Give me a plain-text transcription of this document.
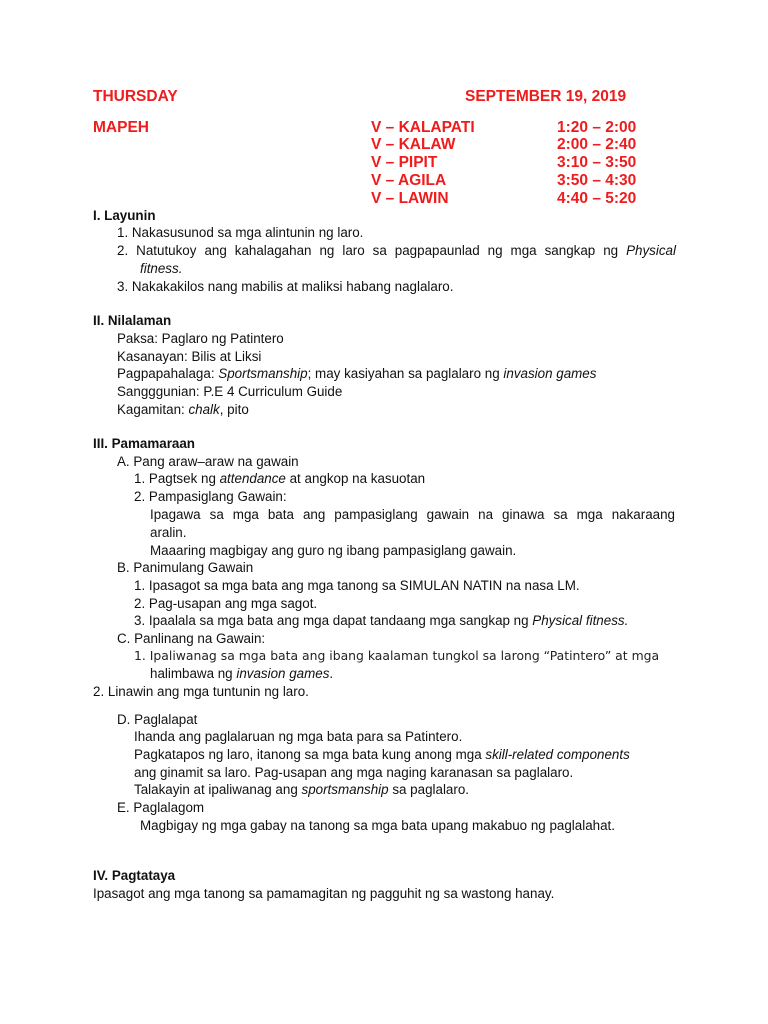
THURSDAY	SEPTEMBER 19, 2019
MAPEH	V – KALAPATI	1:20 – 2:00
V – KALAW	2:00 – 2:40
V – PIPIT	3:10 – 3:50
V – AGILA	3:50 – 4:30
V – LAWIN	4:40 – 5:20
I. Layunin
1. Nakasusunod sa mga alintunin ng laro.
2. Natutukoy ang kahalagahan ng laro sa pagpapaunlad ng mga sangkap ng Physical
fitness.
3. Nakakakilos nang mabilis at maliksi habang naglalaro.
II. Nilalaman
Paksa: Paglaro ng Patintero
Kasanayan: Bilis at Liksi
Pagpapahalaga: Sportsmanship; may kasiyahan sa paglalaro ng invasion games
Sangggunian: P.E 4 Curriculum Guide
Kagamitan: chalk, pito
III. Pamamaraan
A. Pang araw–araw na gawain
1. Pagtsek ng attendance at angkop na kasuotan
2. Pampasiglang Gawain:
Ipagawa sa mga bata ang pampasiglang gawain na ginawa sa mga nakaraang
aralin.
Maaaring magbigay ang guro ng ibang pampasiglang gawain.
B. Panimulang Gawain
1. Ipasagot sa mga bata ang mga tanong sa SIMULAN NATIN na nasa LM.
2. Pag-usapan ang mga sagot.
3. Ipaalala sa mga bata ang mga dapat tandaang mga sangkap ng Physical fitness.
C. Panlinang na Gawain:
1. Ipaliwanag sa mga bata ang ibang kaalaman tungkol sa larong “Patintero” at mga
halimbawa ng invasion games.
2. Linawin ang mga tuntunin ng laro.
D. Paglalapat
Ihanda ang paglalaruan ng mga bata para sa Patintero.
Pagkatapos ng laro, itanong sa mga bata kung anong mga skill-related components
ang ginamit sa laro. Pag-usapan ang mga naging karanasan sa paglalaro.
Talakayin at ipaliwanag ang sportsmanship sa paglalaro.
E. Paglalagom
Magbigay ng mga gabay na tanong sa mga bata upang makabuo ng paglalahat.
IV. Pagtataya
Ipasagot ang mga tanong sa pamamagitan ng pagguhit ng sa wastong hanay.
